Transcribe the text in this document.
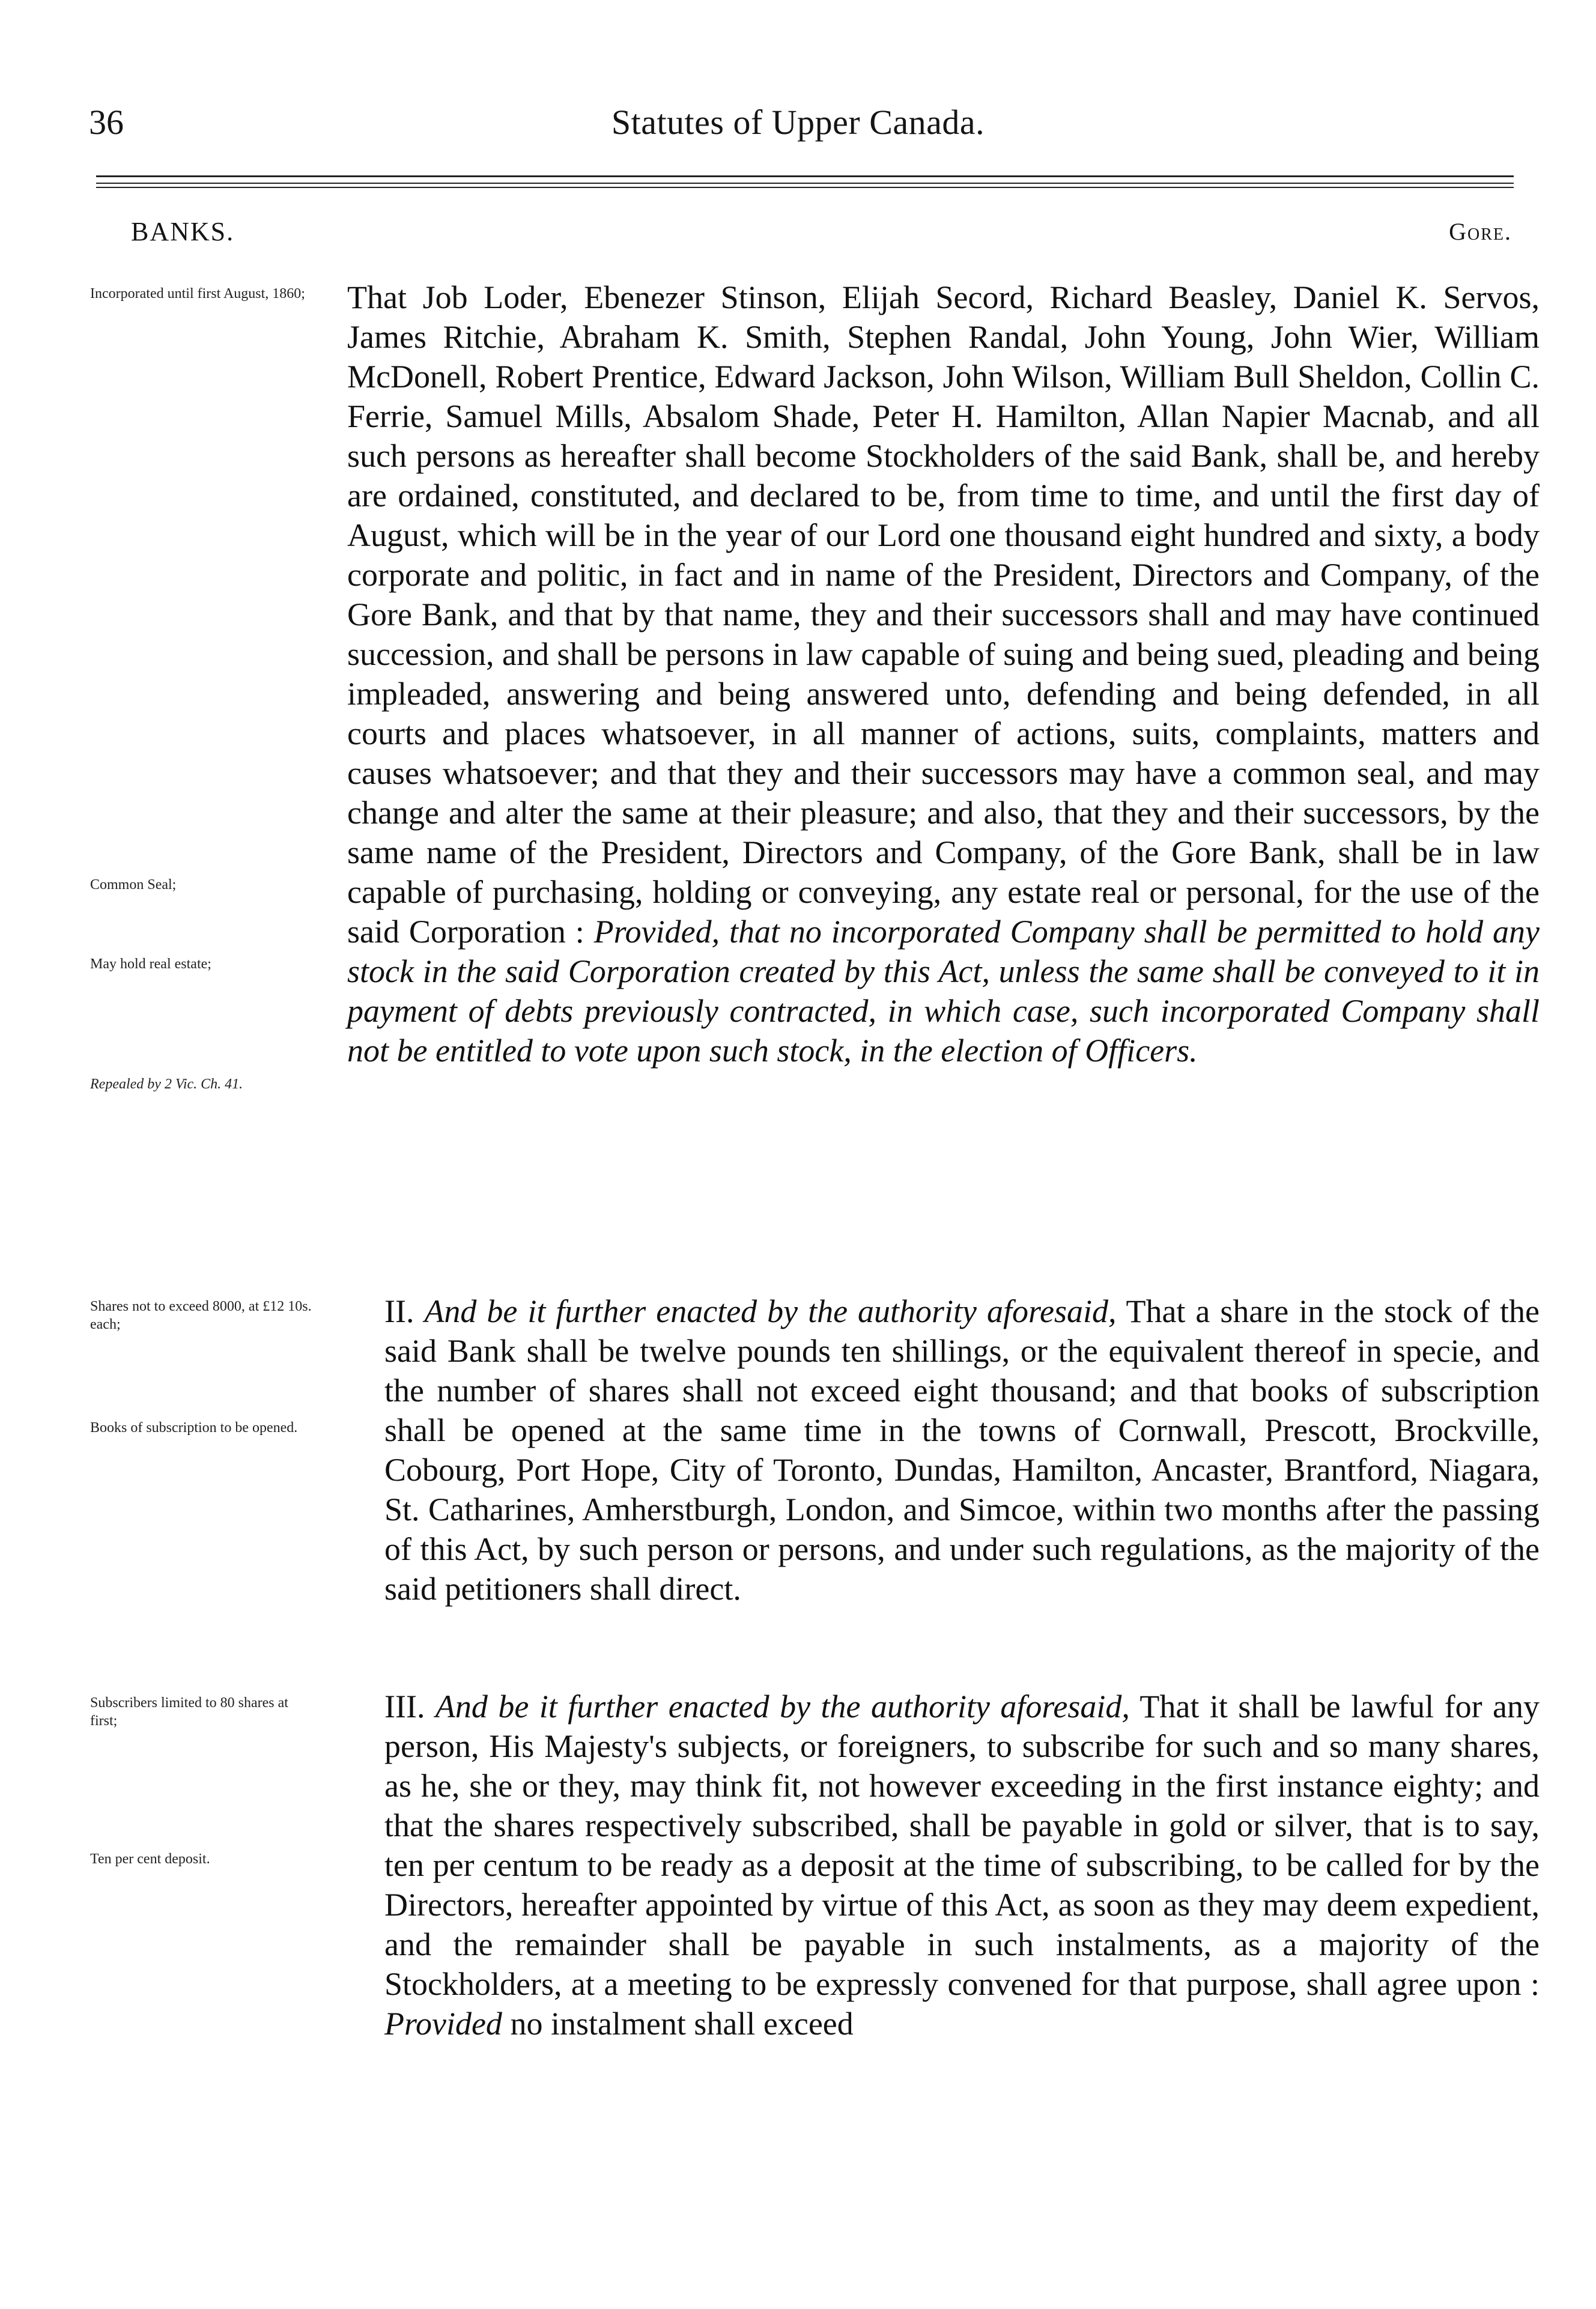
36	Statutes of Upper Canada.
BANKS.	Gore.
Incorporated until first August, 1860;
Common Seal;
May hold real estate;
Repealed by 2 Vic. Ch. 41.
Shares not to exceed 8000, at £12 10s. each;
Books of subscription to be opened.
Subscribers limited to 80 shares at first;
Ten per cent deposit.

That Job Loder, Ebenezer Stinson, Elijah Secord, Richard Beasley, Daniel K. Servos, James Ritchie, Abraham K. Smith, Stephen Randal, John Young, John Wier, William McDonell, Robert Prentice, Edward Jackson, John Wilson, William Bull Sheldon, Collin C. Ferrie, Samuel Mills, Absalom Shade, Peter H. Hamilton, Allan Napier Macnab, and all such persons as hereafter shall become Stockholders of the said Bank, shall be, and hereby are ordained, constituted, and declared to be, from time to time, and until the first day of August, which will be in the year of our Lord one thousand eight hundred and sixty, a body corporate and politic, in fact and in name of the President, Directors and Company, of the Gore Bank, and that by that name, they and their successors shall and may have continued succession, and shall be persons in law capable of suing and being sued, pleading and being impleaded, answering and being answered unto, defending and being defended, in all courts and places whatsoever, in all manner of actions, suits, complaints, matters and causes whatsoever; and that they and their successors may have a common seal, and may change and alter the same at their pleasure; and also, that they and their successors, by the same name of the President, Directors and Company, of the Gore Bank, shall be in law capable of purchasing, holding or conveying, any estate real or personal, for the use of the said Corporation : Provided, that no incorporated Company shall be permitted to hold any stock in the said Corporation created by this Act, unless the same shall be conveyed to it in payment of debts previously contracted, in which case, such incorporated Company shall not be entitled to vote upon such stock, in the election of Officers.

II. And be it further enacted by the authority aforesaid, That a share in the stock of the said Bank shall be twelve pounds ten shillings, or the equivalent thereof in specie, and the number of shares shall not exceed eight thousand; and that books of subscription shall be opened at the same time in the towns of Cornwall, Prescott, Brockville, Cobourg, Port Hope, City of Toronto, Dundas, Hamilton, Ancaster, Brantford, Niagara, St. Catharines, Amherstburgh, London, and Simcoe, within two months after the passing of this Act, by such person or persons, and under such regulations, as the majority of the said petitioners shall direct.

III. And be it further enacted by the authority aforesaid, That it shall be lawful for any person, His Majesty's subjects, or foreigners, to subscribe for such and so many shares, as he, she or they, may think fit, not however exceeding in the first instance eighty; and that the shares respectively subscribed, shall be payable in gold or silver, that is to say, ten per centum to be ready as a deposit at the time of subscribing, to be called for by the Directors, hereafter appointed by virtue of this Act, as soon as they may deem expedient, and the remainder shall be payable in such instalments, as a majority of the Stockholders, at a meeting to be expressly convened for that purpose, shall agree upon : Provided no instalment shall exceed
